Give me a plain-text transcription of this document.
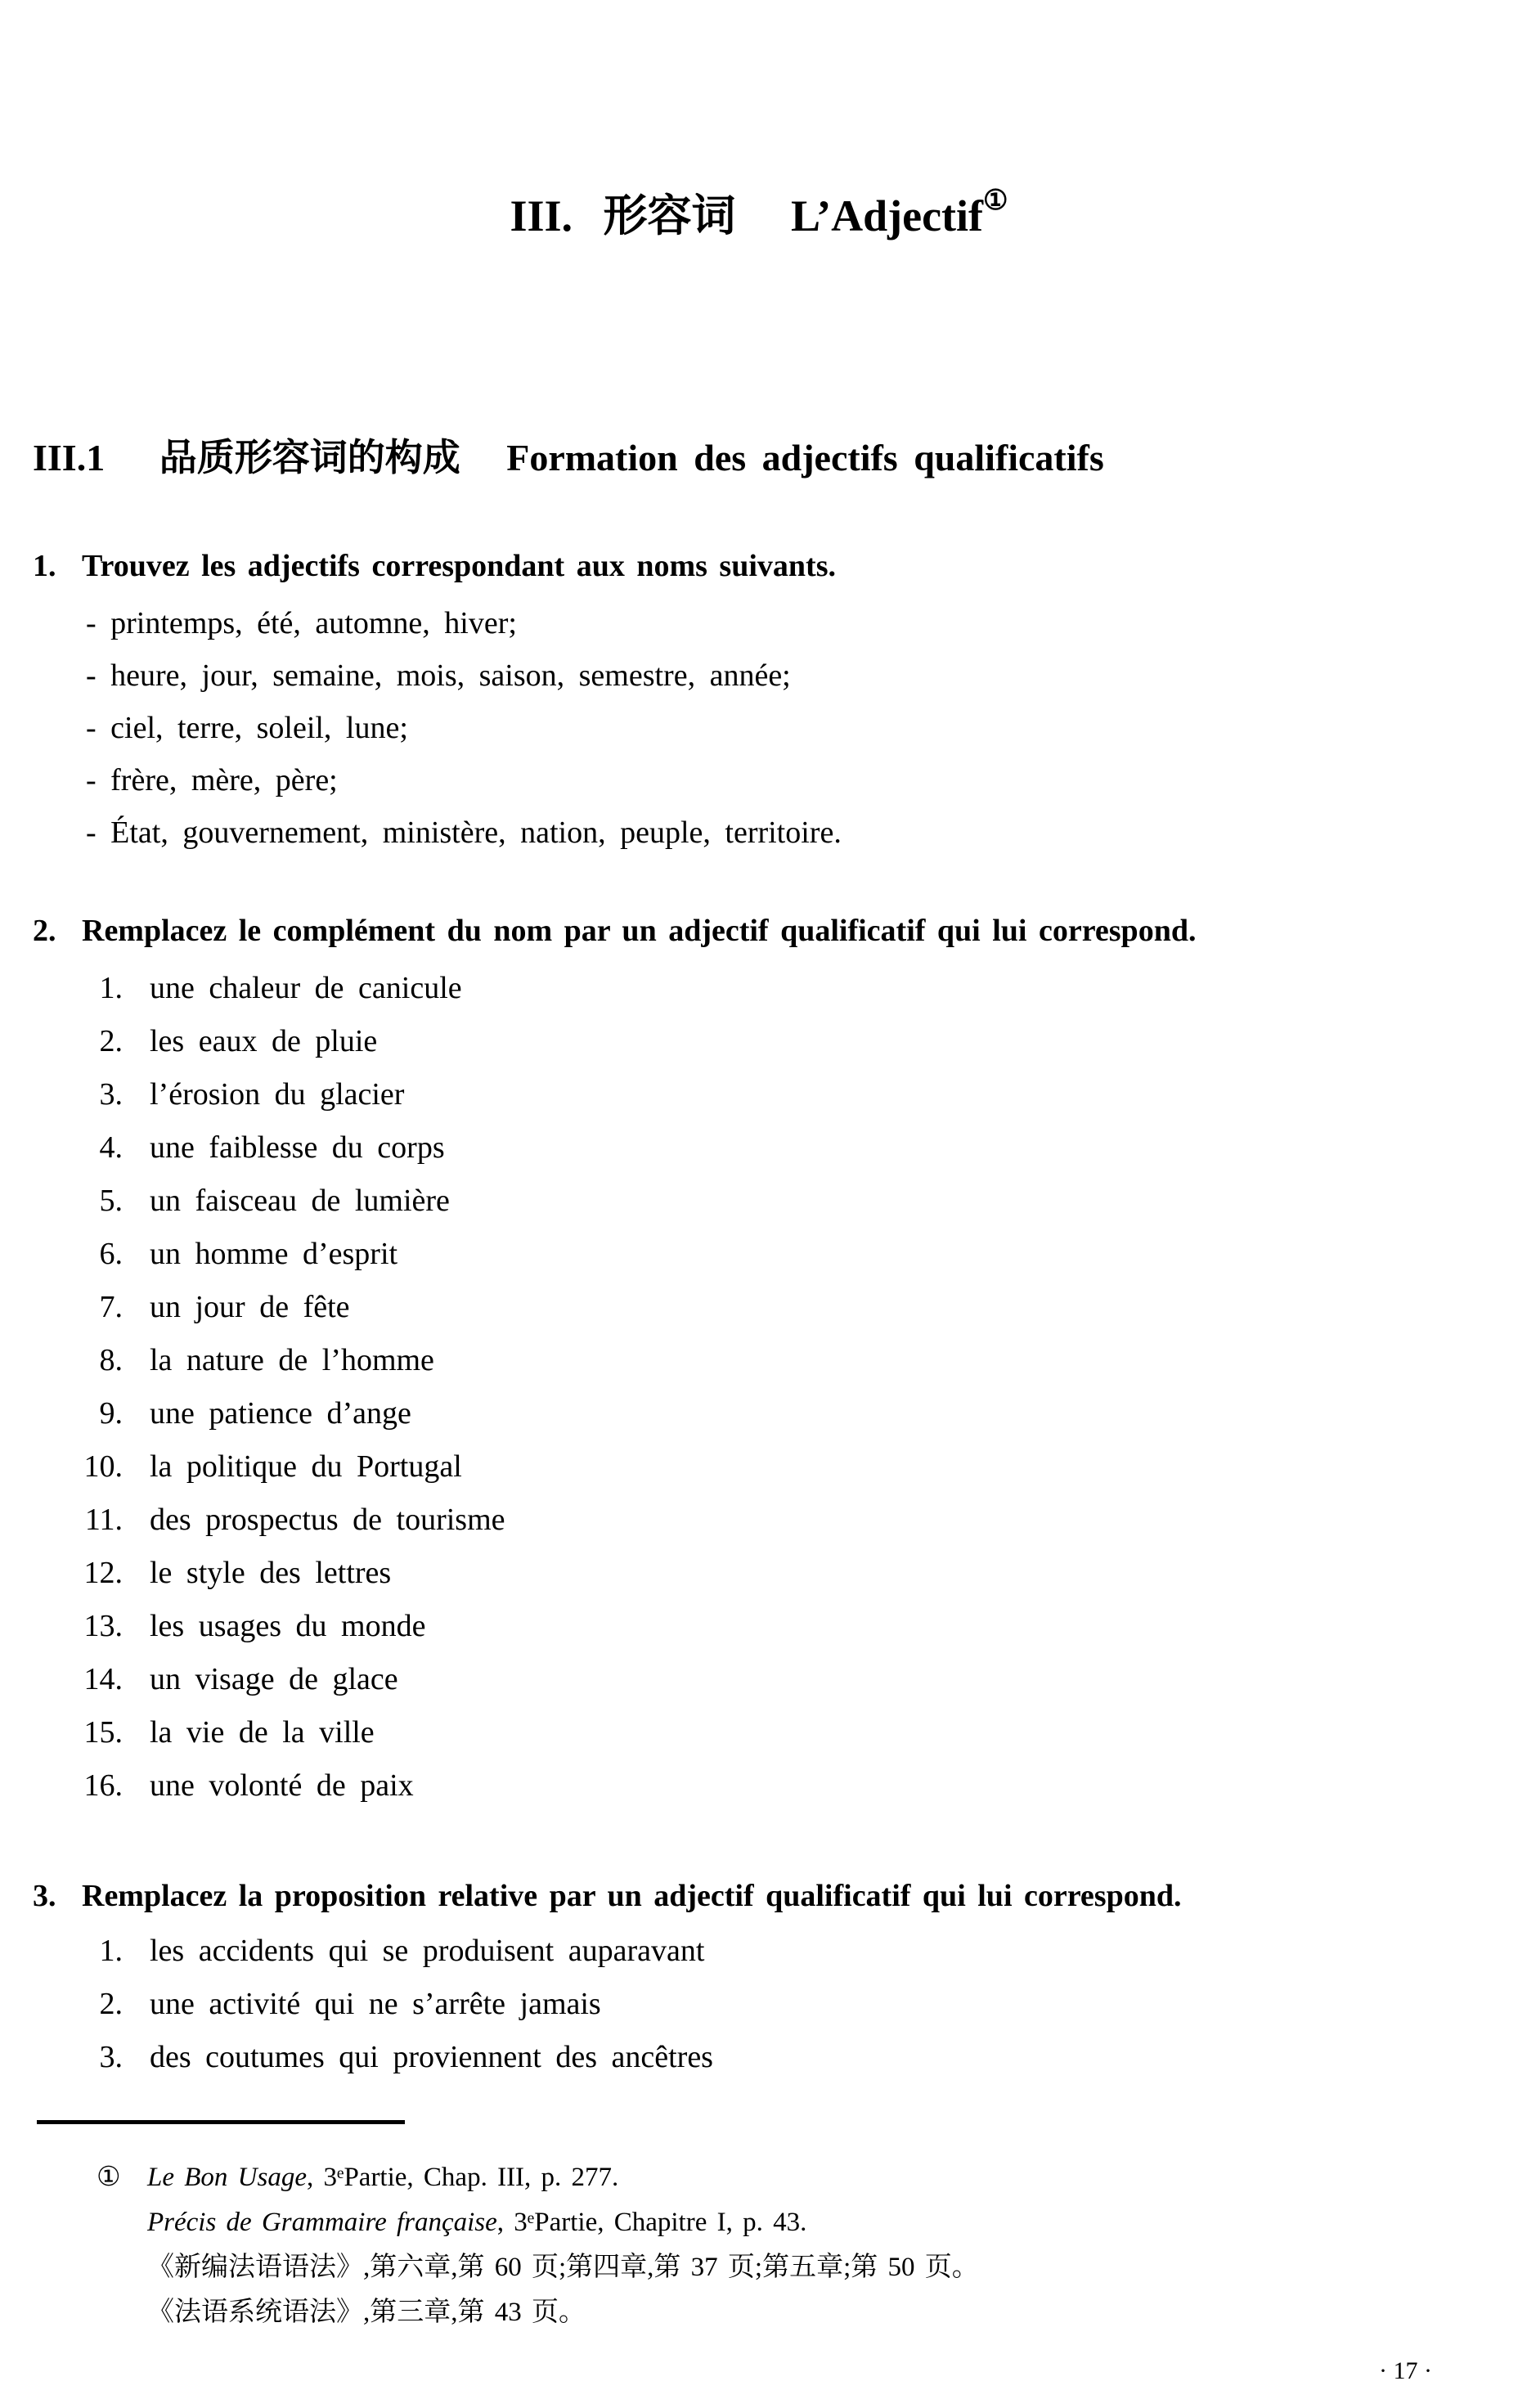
III. 形容词 L’Adjectif①
III.1 品质形容词的构成 Formation des adjectifs qualificatifs
1. Trouvez les adjectifs correspondant aux noms suivants.
- printemps, été, automne, hiver;
- heure, jour, semaine, mois, saison, semestre, année;
- ciel, terre, soleil, lune;
- frère, mère, père;
- État, gouvernement, ministère, nation, peuple, territoire.
2. Remplacez le complément du nom par un adjectif qualificatif qui lui correspond.
1. une chaleur de canicule
2. les eaux de pluie
3. l’érosion du glacier
4. une faiblesse du corps
5. un faisceau de lumière
6. un homme d’esprit
7. un jour de fête
8. la nature de l’homme
9. une patience d’ange
10. la politique du Portugal
11. des prospectus de tourisme
12. le style des lettres
13. les usages du monde
14. un visage de glace
15. la vie de la ville
16. une volonté de paix
3. Remplacez la proposition relative par un adjectif qualificatif qui lui correspond.
1. les accidents qui se produisent auparavant
2. une activité qui ne s’arrête jamais
3. des coutumes qui proviennent des ancêtres
① Le Bon Usage, 3ᵉPartie, Chap. III, p. 277.
Précis de Grammaire française, 3ᵉPartie, Chapitre I, p. 43.
《新编法语语法》,第六章,第 60 页;第四章,第 37 页;第五章;第 50 页。
《法语系统语法》,第三章,第 43 页。
· 17 ·
